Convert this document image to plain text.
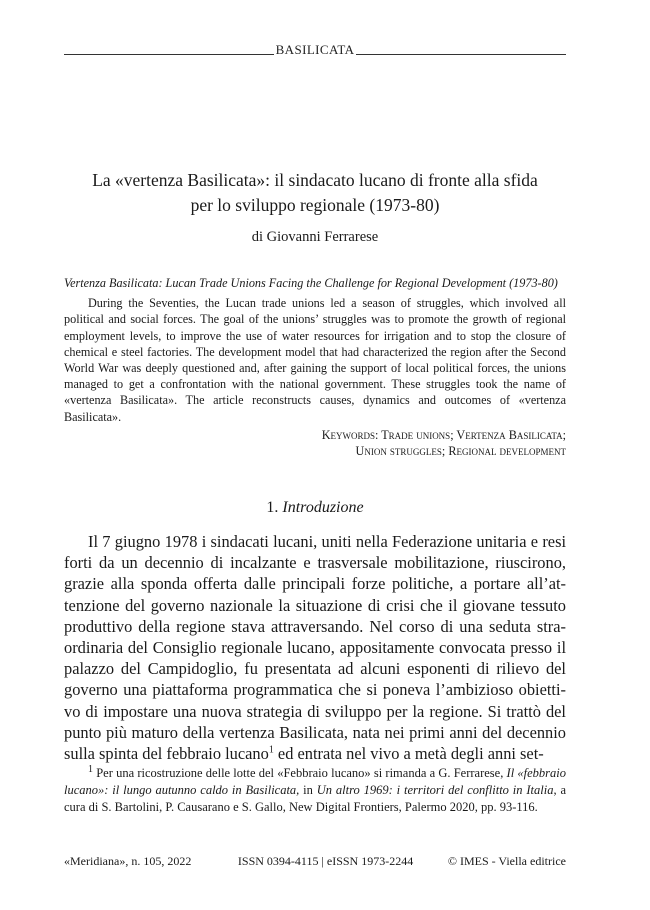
BASILICATA
La «vertenza Basilicata»: il sindacato lucano di fronte alla sfida
per lo sviluppo regionale (1973-80)
di Giovanni Ferrarese
Vertenza Basilicata: Lucan Trade Unions Facing the Challenge for Regional Development (1973-80)
During the Seventies, the Lucan trade unions led a season of struggles, which involved all political and social forces. The goal of the unions’ struggles was to promote the growth of regional employment levels, to improve the use of water resources for irrigation and to stop the closure of chemical e steel factories. The development model that had characterized the region after the Second World War was deeply questioned and, after gaining the support of local political forces, the unions managed to get a confrontation with the national government. These struggles took the name of «vertenza Basilicata». The article reconstructs causes, dynamics and outcomes of «vertenza Basilicata».
Keywords: Trade unions; Vertenza Basilicata;
Union struggles; Regional development
1. Introduzione
Il 7 giugno 1978 i sindacati lucani, uniti nella Federazione unitaria e resi forti da un decennio di incalzante e trasversale mobilitazione, riuscirono, grazie alla sponda offerta dalle principali forze politiche, a portare all’at- tenzione del governo nazionale la situazione di crisi che il giovane tessuto produttivo della regione stava attraversando. Nel corso di una seduta stra- ordinaria del Consiglio regionale lucano, appositamente convocata presso il palazzo del Campidoglio, fu presentata ad alcuni esponenti di rilievo del governo una piattaforma programmatica che si poneva l’ambizioso obietti- vo di impostare una nuova strategia di sviluppo per la regione. Si trattò del punto più maturo della vertenza Basilicata, nata nei primi anni del decennio sulla spinta del febbraio lucano$^1$ ed entrata nel vivo a metà degli anni set-
$^1$ Per una ricostruzione delle lotte del «Febbraio lucano» si rimanda a G. Ferrarese, Il «febbraio lucano»: il lungo autunno caldo in Basilicata, in Un altro 1969: i territori del conflitto in Italia, a cura di S. Bartolini, P. Causarano e S. Gallo, New Digital Frontiers, Palermo 2020, pp. 93-116.
«Meridiana», n. 105, 2022	ISSN 0394-4115 | eISSN 1973-2244	© IMES - Viella editrice
